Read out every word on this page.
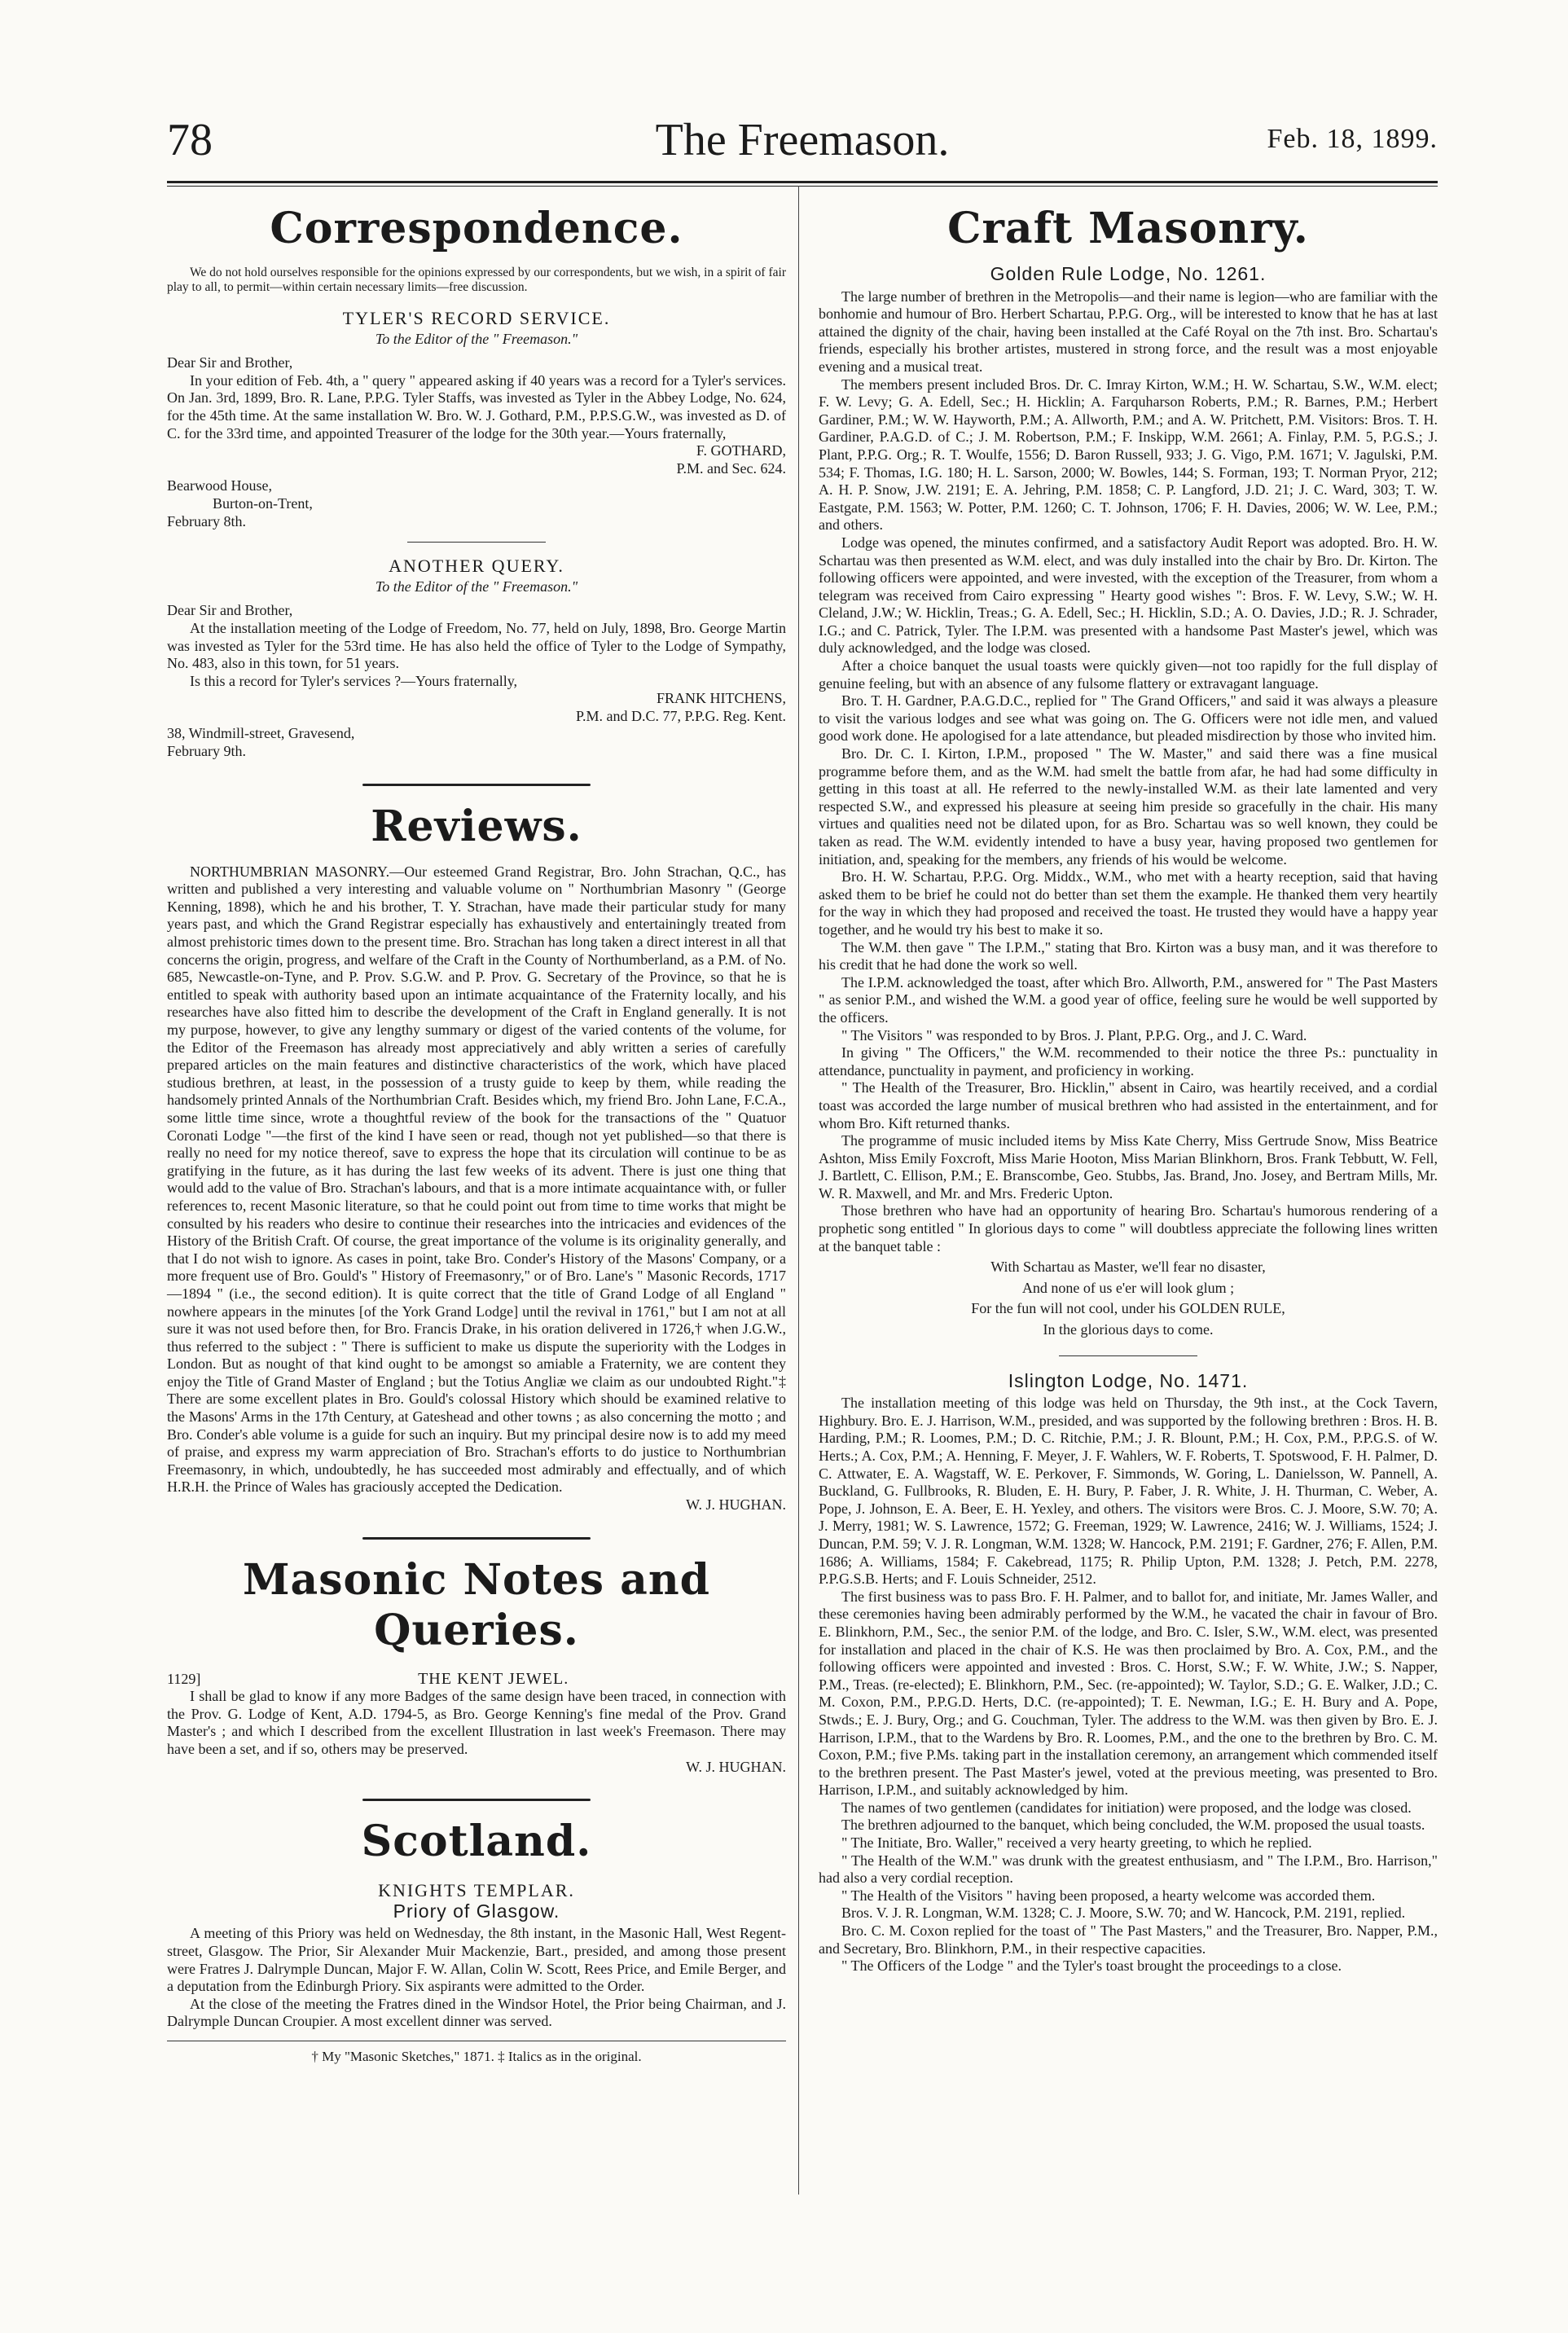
78	The Freemason.	Feb. 18, 1899.
Correspondence.

We do not hold ourselves responsible for the opinions expressed by our correspondents, but we wish, in a spirit of fair play to all, to permit—within certain necessary limits—free discussion.

TYLER'S RECORD SERVICE.
To the Editor of the " Freemason."

Dear Sir and Brother,

In your edition of Feb. 4th, a " query " appeared asking if 40 years was a record for a Tyler's services. On Jan. 3rd, 1899, Bro. R. Lane, P.P.G. Tyler Staffs, was invested as Tyler in the Abbey Lodge, No. 624, for the 45th time. At the same installation W. Bro. W. J. Gothard, P.M., P.P.S.G.W., was invested as D. of C. for the 33rd time, and appointed Treasurer of the lodge for the 30th year.—Yours fraternally,

F. GOTHARD,

P.M. and Sec. 624.

Bearwood House,

Burton-on-Trent,

February 8th.

ANOTHER QUERY.
To the Editor of the " Freemason."

Dear Sir and Brother,

At the installation meeting of the Lodge of Freedom, No. 77, held on July, 1898, Bro. George Martin was invested as Tyler for the 53rd time. He has also held the office of Tyler to the Lodge of Sympathy, No. 483, also in this town, for 51 years.

Is this a record for Tyler's services ?—Yours fraternally,

FRANK HITCHENS,

P.M. and D.C. 77, P.P.G. Reg. Kent.

38, Windmill-street, Gravesend,

February 9th.

Reviews.

NORTHUMBRIAN MASONRY.—Our esteemed Grand Registrar, Bro. John Strachan, Q.C., has written and published a very interesting and valuable volume on " Northumbrian Masonry " (George Kenning, 1898), which he and his brother, T. Y. Strachan, have made their particular study for many years past, and which the Grand Registrar especially has exhaustively and entertainingly treated from almost prehistoric times down to the present time. Bro. Strachan has long taken a direct interest in all that concerns the origin, progress, and welfare of the Craft in the County of Northumberland, as a P.M. of No. 685, Newcastle-on-Tyne, and P. Prov. S.G.W. and P. Prov. G. Secretary of the Province, so that he is entitled to speak with authority based upon an intimate acquaintance of the Fraternity locally, and his researches have also fitted him to describe the development of the Craft in England generally. It is not my purpose, however, to give any lengthy summary or digest of the varied contents of the volume, for the Editor of the Freemason has already most appreciatively and ably written a series of carefully prepared articles on the main features and distinctive characteristics of the work, which have placed studious brethren, at least, in the possession of a trusty guide to keep by them, while reading the handsomely printed Annals of the Northumbrian Craft. Besides which, my friend Bro. John Lane, F.C.A., some little time since, wrote a thoughtful review of the book for the transactions of the " Quatuor Coronati Lodge "—the first of the kind I have seen or read, though not yet published—so that there is really no need for my notice thereof, save to express the hope that its circulation will continue to be as gratifying in the future, as it has during the last few weeks of its advent. There is just one thing that would add to the value of Bro. Strachan's labours, and that is a more intimate acquaintance with, or fuller references to, recent Masonic literature, so that he could point out from time to time works that might be consulted by his readers who desire to continue their researches into the intricacies and evidences of the History of the British Craft. Of course, the great importance of the volume is its originality generally, and that I do not wish to ignore. As cases in point, take Bro. Conder's History of the Masons' Company, or a more frequent use of Bro. Gould's " History of Freemasonry," or of Bro. Lane's " Masonic Records, 1717—1894 " (i.e., the second edition). It is quite correct that the title of Grand Lodge of all England " nowhere appears in the minutes [of the York Grand Lodge] until the revival in 1761," but I am not at all sure it was not used before then, for Bro. Francis Drake, in his oration delivered in 1726,† when J.G.W., thus referred to the subject : " There is sufficient to make us dispute the superiority with the Lodges in London. But as nought of that kind ought to be amongst so amiable a Fraternity, we are content they enjoy the Title of Grand Master of England ; but the Totius Angliæ we claim as our undoubted Right."‡ There are some excellent plates in Bro. Gould's colossal History which should be examined relative to the Masons' Arms in the 17th Century, at Gateshead and other towns ; as also concerning the motto ; and Bro. Conder's able volume is a guide for such an inquiry. But my principal desire now is to add my meed of praise, and express my warm appreciation of Bro. Strachan's efforts to do justice to Northumbrian Freemasonry, in which, undoubtedly, he has succeeded most admirably and effectually, and of which H.R.H. the Prince of Wales has graciously accepted the Dedication.

W. J. HUGHAN.

Masonic Notes and Queries.
1129]	THE KENT JEWEL.

I shall be glad to know if any more Badges of the same design have been traced, in connection with the Prov. G. Lodge of Kent, A.D. 1794-5, as Bro. George Kenning's fine medal of the Prov. Grand Master's ; and which I described from the excellent Illustration in last week's Freemason. There may have been a set, and if so, others may be preserved.

W. J. HUGHAN.

Scotland.
KNIGHTS TEMPLAR.
Priory of Glasgow.

A meeting of this Priory was held on Wednesday, the 8th instant, in the Masonic Hall, West Regent-street, Glasgow. The Prior, Sir Alexander Muir Mackenzie, Bart., presided, and among those present were Fratres J. Dalrymple Duncan, Major F. W. Allan, Colin W. Scott, Rees Price, and Emile Berger, and a deputation from the Edinburgh Priory. Six aspirants were admitted to the Order.

At the close of the meeting the Fratres dined in the Windsor Hotel, the Prior being Chairman, and J. Dalrymple Duncan Croupier. A most excellent dinner was served.

† My "Masonic Sketches," 1871. ‡ Italics as in the original.
Craft Masonry.
Golden Rule Lodge, No. 1261.

The large number of brethren in the Metropolis—and their name is legion—who are familiar with the bonhomie and humour of Bro. Herbert Schartau, P.P.G. Org., will be interested to know that he has at last attained the dignity of the chair, having been installed at the Café Royal on the 7th inst. Bro. Schartau's friends, especially his brother artistes, mustered in strong force, and the result was a most enjoyable evening and a musical treat.

The members present included Bros. Dr. C. Imray Kirton, W.M.; H. W. Schartau, S.W., W.M. elect; F. W. Levy; G. A. Edell, Sec.; H. Hicklin; A. Farquharson Roberts, P.M.; R. Barnes, P.M.; Herbert Gardiner, P.M.; W. W. Hayworth, P.M.; A. Allworth, P.M.; and A. W. Pritchett, P.M. Visitors: Bros. T. H. Gardiner, P.A.G.D. of C.; J. M. Robertson, P.M.; F. Inskipp, W.M. 2661; A. Finlay, P.M. 5, P.G.S.; J. Plant, P.P.G. Org.; R. T. Woulfe, 1556; D. Baron Russell, 933; J. G. Vigo, P.M. 1671; V. Jagulski, P.M. 534; F. Thomas, I.G. 180; H. L. Sarson, 2000; W. Bowles, 144; S. Forman, 193; T. Norman Pryor, 212; A. H. P. Snow, J.W. 2191; E. A. Jehring, P.M. 1858; C. P. Langford, J.D. 21; J. C. Ward, 303; T. W. Eastgate, P.M. 1563; W. Potter, P.M. 1260; C. T. Johnson, 1706; F. H. Davies, 2006; W. W. Lee, P.M.; and others.

Lodge was opened, the minutes confirmed, and a satisfactory Audit Report was adopted. Bro. H. W. Schartau was then presented as W.M. elect, and was duly installed into the chair by Bro. Dr. Kirton. The following officers were appointed, and were invested, with the exception of the Treasurer, from whom a telegram was received from Cairo expressing " Hearty good wishes ": Bros. F. W. Levy, S.W.; W. H. Cleland, J.W.; W. Hicklin, Treas.; G. A. Edell, Sec.; H. Hicklin, S.D.; A. O. Davies, J.D.; R. J. Schrader, I.G.; and C. Patrick, Tyler. The I.P.M. was presented with a handsome Past Master's jewel, which was duly acknowledged, and the lodge was closed.

After a choice banquet the usual toasts were quickly given—not too rapidly for the full display of genuine feeling, but with an absence of any fulsome flattery or extravagant language.

Bro. T. H. Gardner, P.A.G.D.C., replied for " The Grand Officers," and said it was always a pleasure to visit the various lodges and see what was going on. The G. Officers were not idle men, and valued good work done. He apologised for a late attendance, but pleaded misdirection by those who invited him.

Bro. Dr. C. I. Kirton, I.P.M., proposed " The W. Master," and said there was a fine musical programme before them, and as the W.M. had smelt the battle from afar, he had had some difficulty in getting in this toast at all. He referred to the newly-installed W.M. as their late lamented and very respected S.W., and expressed his pleasure at seeing him preside so gracefully in the chair. His many virtues and qualities need not be dilated upon, for as Bro. Schartau was so well known, they could be taken as read. The W.M. evidently intended to have a busy year, having proposed two gentlemen for initiation, and, speaking for the members, any friends of his would be welcome.

Bro. H. W. Schartau, P.P.G. Org. Middx., W.M., who met with a hearty reception, said that having asked them to be brief he could not do better than set them the example. He thanked them very heartily for the way in which they had proposed and received the toast. He trusted they would have a happy year together, and he would try his best to make it so.

The W.M. then gave " The I.P.M.," stating that Bro. Kirton was a busy man, and it was therefore to his credit that he had done the work so well.

The I.P.M. acknowledged the toast, after which Bro. Allworth, P.M., answered for " The Past Masters " as senior P.M., and wished the W.M. a good year of office, feeling sure he would be well supported by the officers.

" The Visitors " was responded to by Bros. J. Plant, P.P.G. Org., and J. C. Ward.

In giving " The Officers," the W.M. recommended to their notice the three Ps.: punctuality in attendance, punctuality in payment, and proficiency in working.

" The Health of the Treasurer, Bro. Hicklin," absent in Cairo, was heartily received, and a cordial toast was accorded the large number of musical brethren who had assisted in the entertainment, and for whom Bro. Kift returned thanks.

The programme of music included items by Miss Kate Cherry, Miss Gertrude Snow, Miss Beatrice Ashton, Miss Emily Foxcroft, Miss Marie Hooton, Miss Marian Blinkhorn, Bros. Frank Tebbutt, W. Fell, J. Bartlett, C. Ellison, P.M.; E. Branscombe, Geo. Stubbs, Jas. Brand, Jno. Josey, and Bertram Mills, Mr. W. R. Maxwell, and Mr. and Mrs. Frederic Upton.

Those brethren who have had an opportunity of hearing Bro. Schartau's humorous rendering of a prophetic song entitled " In glorious days to come " will doubtless appreciate the following lines written at the banquet table :

With Schartau as Master, we'll fear no disaster,
And none of us e'er will look glum ;
For the fun will not cool, under his GOLDEN RULE,
In the glorious days to come.
Islington Lodge, No. 1471.

The installation meeting of this lodge was held on Thursday, the 9th inst., at the Cock Tavern, Highbury. Bro. E. J. Harrison, W.M., presided, and was supported by the following brethren : Bros. H. B. Harding, P.M.; R. Loomes, P.M.; D. C. Ritchie, P.M.; J. R. Blount, P.M.; H. Cox, P.M., P.P.G.S. of W. Herts.; A. Cox, P.M.; A. Henning, F. Meyer, J. F. Wahlers, W. F. Roberts, T. Spotswood, F. H. Palmer, D. C. Attwater, E. A. Wagstaff, W. E. Perkover, F. Simmonds, W. Goring, L. Danielsson, W. Pannell, A. Buckland, G. Fullbrooks, R. Bluden, E. H. Bury, P. Faber, J. R. White, J. H. Thurman, C. Weber, A. Pope, J. Johnson, E. A. Beer, E. H. Yexley, and others. The visitors were Bros. C. J. Moore, S.W. 70; A. J. Merry, 1981; W. S. Lawrence, 1572; G. Freeman, 1929; W. Lawrence, 2416; W. J. Williams, 1524; J. Duncan, P.M. 59; V. J. R. Longman, W.M. 1328; W. Hancock, P.M. 2191; F. Gardner, 276; F. Allen, P.M. 1686; A. Williams, 1584; F. Cakebread, 1175; R. Philip Upton, P.M. 1328; J. Petch, P.M. 2278, P.P.G.S.B. Herts; and F. Louis Schneider, 2512.

The first business was to pass Bro. F. H. Palmer, and to ballot for, and initiate, Mr. James Waller, and these ceremonies having been admirably performed by the W.M., he vacated the chair in favour of Bro. E. Blinkhorn, P.M., Sec., the senior P.M. of the lodge, and Bro. C. Isler, S.W., W.M. elect, was presented for installation and placed in the chair of K.S. He was then proclaimed by Bro. A. Cox, P.M., and the following officers were appointed and invested : Bros. C. Horst, S.W.; F. W. White, J.W.; S. Napper, P.M., Treas. (re-elected); E. Blinkhorn, P.M., Sec. (re-appointed); W. Taylor, S.D.; G. E. Walker, J.D.; C. M. Coxon, P.M., P.P.G.D. Herts, D.C. (re-appointed); T. E. Newman, I.G.; E. H. Bury and A. Pope, Stwds.; E. J. Bury, Org.; and G. Couchman, Tyler. The address to the W.M. was then given by Bro. E. J. Harrison, I.P.M., that to the Wardens by Bro. R. Loomes, P.M., and the one to the brethren by Bro. C. M. Coxon, P.M.; five P.Ms. taking part in the installation ceremony, an arrangement which commended itself to the brethren present. The Past Master's jewel, voted at the previous meeting, was presented to Bro. Harrison, I.P.M., and suitably acknowledged by him.

The names of two gentlemen (candidates for initiation) were proposed, and the lodge was closed.

The brethren adjourned to the banquet, which being concluded, the W.M. proposed the usual toasts.

" The Initiate, Bro. Waller," received a very hearty greeting, to which he replied.

" The Health of the W.M." was drunk with the greatest enthusiasm, and " The I.P.M., Bro. Harrison," had also a very cordial reception.

" The Health of the Visitors " having been proposed, a hearty welcome was accorded them.

Bros. V. J. R. Longman, W.M. 1328; C. J. Moore, S.W. 70; and W. Hancock, P.M. 2191, replied.

Bro. C. M. Coxon replied for the toast of " The Past Masters," and the Treasurer, Bro. Napper, P.M., and Secretary, Bro. Blinkhorn, P.M., in their respective capacities.

" The Officers of the Lodge " and the Tyler's toast brought the proceedings to a close.
